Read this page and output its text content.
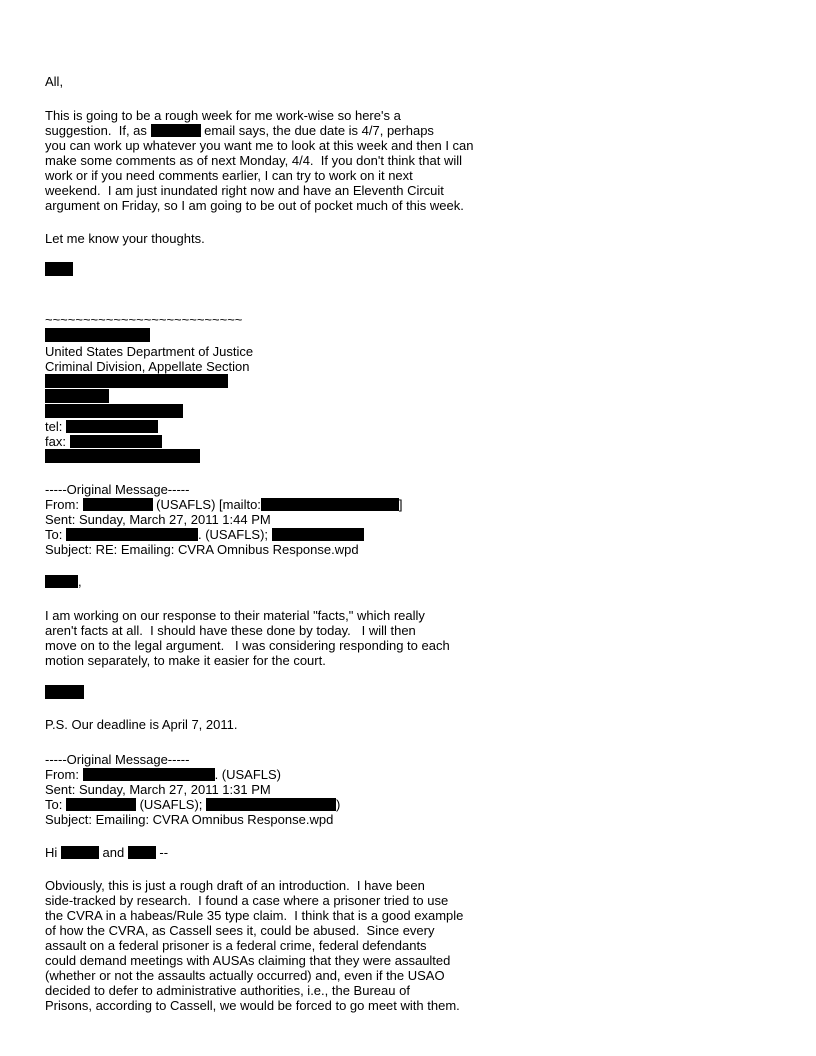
All,
This is going to be a rough week for me work-wise so here's a
suggestion.  If, as	email says, the due date is 4/7, perhaps
you can work up whatever you want me to look at this week and then I can
make some comments as of next Monday, 4/4.  If you don't think that will
work or if you need comments earlier, I can try to work on it next
weekend.  I am just inundated right now and have an Eleventh Circuit
argument on Friday, so I am going to be out of pocket much of this week.
Let me know your thoughts.
~~~~~~~~~~~~~~~~~~~~~~~~~~
United States Department of Justice
Criminal Division, Appellate Section
tel:
fax:
-----Original Message-----
From:	(USAFLS) [mailto:	]
Sent: Sunday, March 27, 2011 1:44 PM
To:	. (USAFLS);
Subject: RE: Emailing: CVRA Omnibus Response.wpd
,
I am working on our response to their material "facts," which really
aren't facts at all.  I should have these done by today.   I will then
move on to the legal argument.   I was considering responding to each
motion separately, to make it easier for the court.
P.S. Our deadline is April 7, 2011.
-----Original Message-----
From:	. (USAFLS)
Sent: Sunday, March 27, 2011 1:31 PM
To:	(USAFLS);	)
Subject: Emailing: CVRA Omnibus Response.wpd
Hi	and  --
Obviously, this is just a rough draft of an introduction.  I have been
side-tracked by research.  I found a case where a prisoner tried to use
the CVRA in a habeas/Rule 35 type claim.  I think that is a good example
of how the CVRA, as Cassell sees it, could be abused.  Since every
assault on a federal prisoner is a federal crime, federal defendants
could demand meetings with AUSAs claiming that they were assaulted
(whether or not the assaults actually occurred) and, even if the USAO
decided to defer to administrative authorities, i.e., the Bureau of
Prisons, according to Cassell, we would be forced to go meet with them.
